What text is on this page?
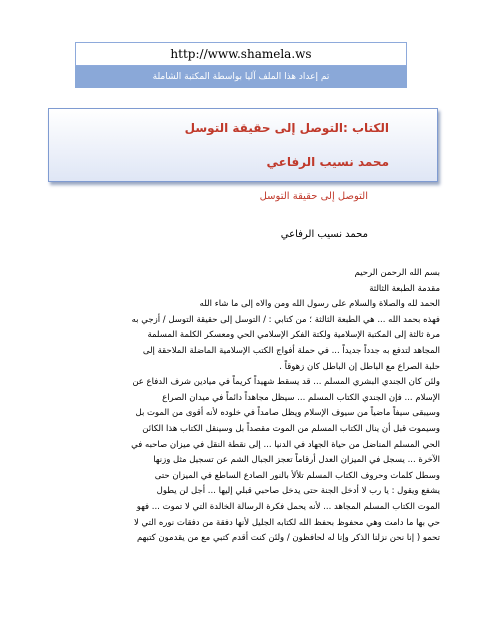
http://www.shamela.ws
تم إعداد هذا الملف آليا بواسطة المكتبة الشاملة
الكتاب :التوصل إلى حقيقة التوسل
محمد نسيب الرفاعي
التوصل إلى حقيقة التوسل
محمد نسيب الرفاعي
بسم الله الرحمن الرحيم
مقدمة الطبعة الثالثة
الحمد لله والصلاة والسلام على رسول الله ومن والاه إلى ما شاء الله
فهذه بحمد الله ... هي الطبعة الثالثة ؛ من كتابي : / التوسل إلى حقيقة التوسل / أزجي به
مرة ثالثة إلى المكتبة الإسلامية ولكتة الفكر الإسلامي الحي ومعسكر الكلمة المسلمة
المجاهد لتدفع به جدداً جديداً ... في حملة أفواج الكتب الإسلامية الماضلة الملاحقة إلى
حلبة الصراع مع الباطل إن الباطل كان زهوقاً .
ولئن كان الجندي البشري المسلم ... قد يسقط شهيداً كريماً في ميادين شرف الدفاع عن
الإسلام ... فإن الجندي الكتاب المسلم ... سيظل مجاهداً دائماً في ميدان الصراع
وسيبقى سيفاً ماضياً من سيوف الإسلام ويظل صامداً في خلوده لأنه أقوى من الموت بل
وسيموت قبل أن ينال الكتاب المسلم من الموت مقصداً بل وسينقل الكتاب هذا الكائن
الحي المسلم المناضل من حياة الجهاد في الدنيا ... إلى نقطة النقل في ميزان صاحبه في
الآخرة ... يسجل في الميزان العدل أرقاماً تعجز الجبال الشم عن تسجيل مثل وزنها
وسطل كلمات وحروف الكتاب المسلم تلألأ بالنور الصادع الساطع في الميزان حتى
يشفع ويقول : يا رب لا أدخل الجنة حتى يدخل صاحبي قبلي إليها ... أجل لن يطول
الموت الكتاب المسلم المجاهد ... لأنه يحمل فكرة الرسالة الخالدة التي لا تموت ... فهو
حي بها ما دامت وهي محفوظ بحفظ الله لكتابه الجليل لأنها دفقة من دفقات نوره التي لا
تحمو ( إنا نحن نزلنا الذكر وإنا له لحافظون / ولئن كنت أقدم كتبي مع من يقدمون كتبهم
